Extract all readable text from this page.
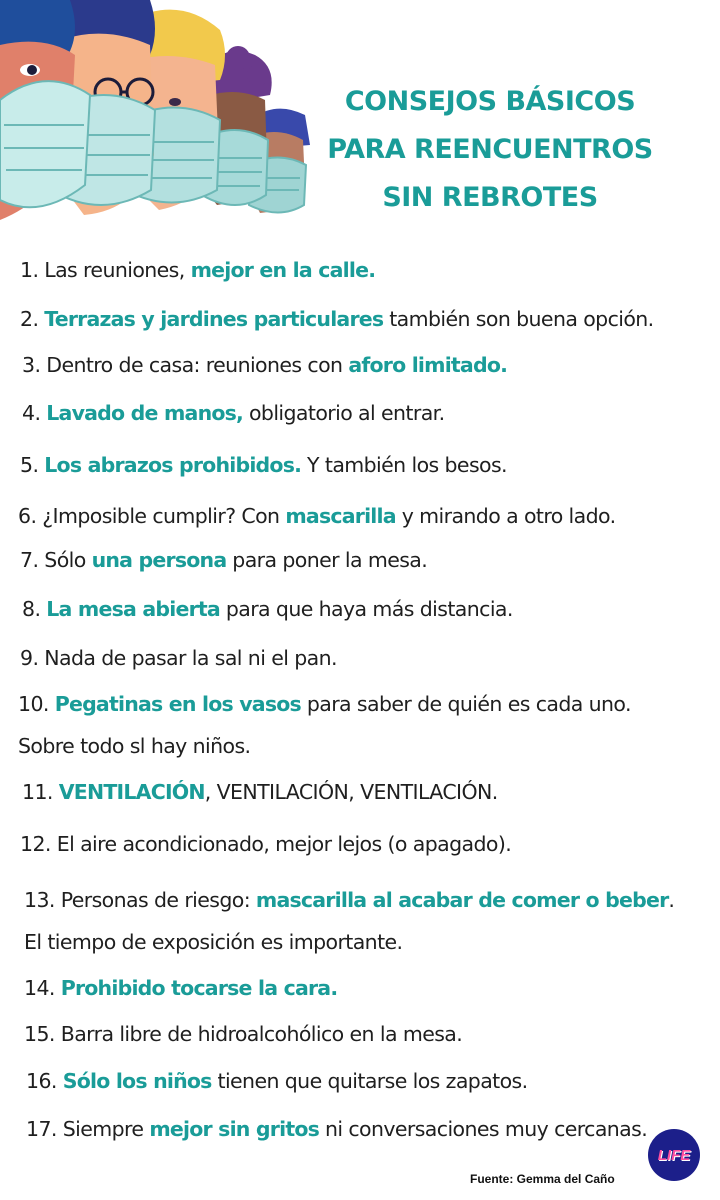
CONSEJOS BÁSICOS
PARA REENCUENTROS
SIN REBROTES
1. Las reuniones, mejor en la calle.
2. Terrazas y jardines particulares también son buena opción.
3. Dentro de casa: reuniones con aforo limitado.
4. Lavado de manos, obligatorio al entrar.
5. Los abrazos prohibidos. Y también los besos.
6. ¿Imposible cumplir? Con mascarilla y mirando a otro lado.
7. Sólo una persona para poner la mesa.
8. La mesa abierta para que haya más distancia.
9. Nada de pasar la sal ni el pan.
10. Pegatinas en los vasos para saber de quién es cada uno.
Sobre todo sl hay niños.
11. VENTILACIÓN, VENTILACIÓN, VENTILACIÓN.
12. El aire acondicionado, mejor lejos (o apagado).
13. Personas de riesgo: mascarilla al acabar de comer o beber.
El tiempo de exposición es importante.
14. Prohibido tocarse la cara.
15. Barra libre de hidroalcohólico en la mesa.
16. Sólo los niños tienen que quitarse los zapatos.
17. Siempre mejor sin gritos ni conversaciones muy cercanas.
Fuente: Gemma del Caño
LIFE
